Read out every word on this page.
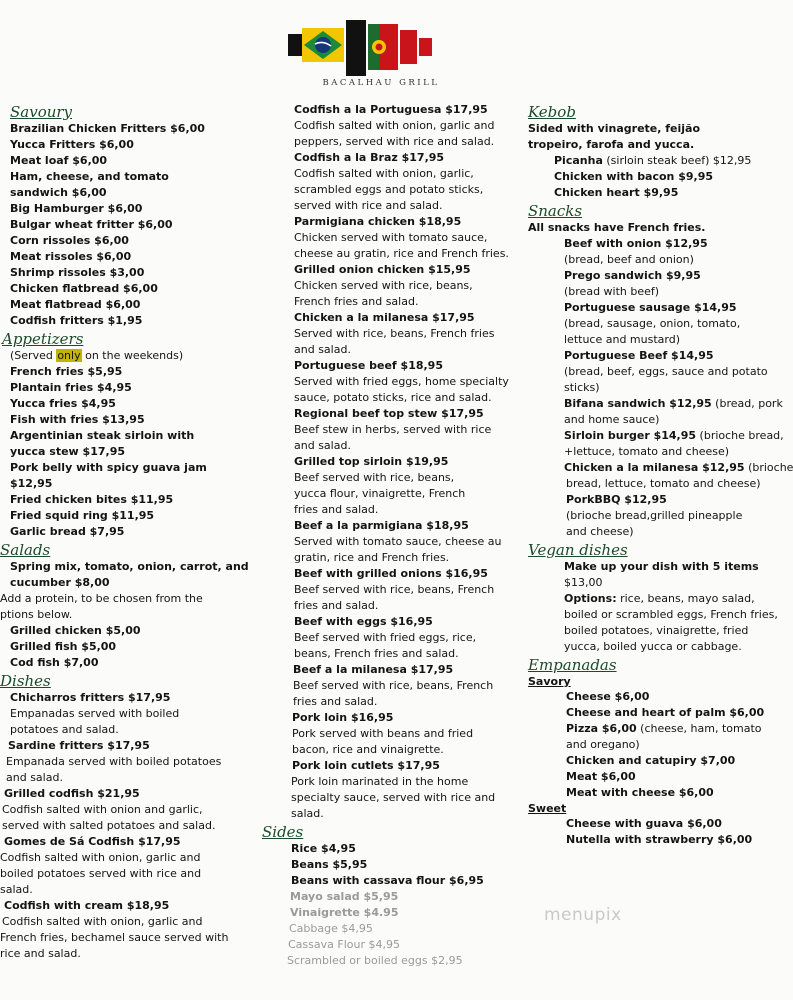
BACALHAU GRILL
Savoury
Brazilian Chicken Fritters $6,00
Yucca Fritters $6,00
Meat loaf $6,00
Ham, cheese, and tomato
sandwich $6,00
Big Hamburger $6,00
Bulgar wheat fritter $6,00
Corn rissoles $6,00
Meat rissoles $6,00
Shrimp rissoles $3,00
Chicken flatbread $6,00
Meat flatbread $6,00
Codfish fritters $1,95
Appetizers
(Served only on the weekends)
French fries $5,95
Plantain fries $4,95
Yucca fries $4,95
Fish with fries $13,95
Argentinian steak sirloin with
yucca stew $17,95
Pork belly with spicy guava jam
$12,95
Fried chicken bites $11,95
Fried squid ring $11,95
Garlic bread $7,95
Salads
Spring mix, tomato, onion, carrot, and
cucumber $8,00
Add a protein, to be chosen from the
ptions below.
Grilled chicken $5,00
Grilled fish $5,00
Cod fish $7,00
Dishes
Chicharros fritters $17,95
Empanadas served with boiled
potatoes and salad.
Sardine fritters $17,95
Empanada served with boiled potatoes
and salad.
Grilled codfish $21,95
Codfish salted with onion and garlic,
served with salted potatoes and salad.
Gomes de Sá Codfish $17,95
Codfish salted with onion, garlic and
boiled potatoes served with rice and
salad.
Codfish with cream $18,95
Codfish salted with onion, garlic and
French fries, bechamel sauce served with
rice and salad.
Codfish a la Portuguesa $17,95
Codfish salted with onion, garlic and
peppers, served with rice and salad.
Codfish a la Braz $17,95
Codfish salted with onion, garlic,
scrambled eggs and potato sticks,
served with rice and salad.
Parmigiana chicken $18,95
Chicken served with tomato sauce,
cheese au gratin, rice and French fries.
Grilled onion chicken $15,95
Chicken served with rice, beans,
French fries and salad.
Chicken a la milanesa $17,95
Served with rice, beans, French fries
and salad.
Portuguese beef $18,95
Served with fried eggs, home specialty
sauce, potato sticks, rice and salad.
Regional beef top stew $17,95
Beef stew in herbs, served with rice
and salad.
Grilled top sirloin $19,95
Beef served with rice, beans,
yucca flour, vinaigrette, French
fries and salad.
Beef a la parmigiana $18,95
Served with tomato sauce, cheese au
gratin, rice and French fries.
Beef with grilled onions $16,95
Beef served with rice, beans, French
fries and salad.
Beef with eggs $16,95
Beef served with fried eggs, rice,
beans, French fries and salad.
Beef a la milanesa $17,95
Beef served with rice, beans, French
fries and salad.
Pork loin $16,95
Pork served with beans and fried
bacon, rice and vinaigrette.
Pork loin cutlets $17,95
Pork loin marinated in the home
specialty sauce, served with rice and
salad.
Sides
Rice $4,95
Beans $5,95
Beans with cassava flour $6,95
Mayo salad $5,95
Vinaigrette $4.95
Cabbage $4,95
Cassava Flour $4,95
Scrambled or boiled eggs $2,95
Kebob
Sided with vinagrete, feijão
tropeiro, farofa and yucca.
Picanha (sirloin steak beef) $12,95
Chicken with bacon $9,95
Chicken heart $9,95
Snacks
All snacks have French fries.
Beef with onion $12,95
(bread, beef and onion)
Prego sandwich $9,95
(bread with beef)
Portuguese sausage $14,95
(bread, sausage, onion, tomato,
lettuce and mustard)
Portuguese Beef $14,95
(bread, beef, eggs, sauce and potato
sticks)
Bifana sandwich $12,95 (bread, pork
and home sauce)
Sirloin burger $14,95 (brioche bread,
+lettuce, tomato and cheese)
Chicken a la milanesa $12,95 (brioche
bread, lettuce, tomato and cheese)
PorkBBQ $12,95
(brioche bread,grilled pineapple
and cheese)
Vegan dishes
Make up your dish with 5 items
$13,00
Options: rice, beans, mayo salad,
boiled or scrambled eggs, French fries,
boiled potatoes, vinaigrette, fried
yucca, boiled yucca or cabbage.
Empanadas
Savory
Cheese $6,00
Cheese and heart of palm $6,00
Pizza $6,00 (cheese, ham, tomato
and oregano)
Chicken and catupiry $7,00
Meat $6,00
Meat with cheese $6,00
Sweet
Cheese with guava $6,00
Nutella with strawberry $6,00
menupix
